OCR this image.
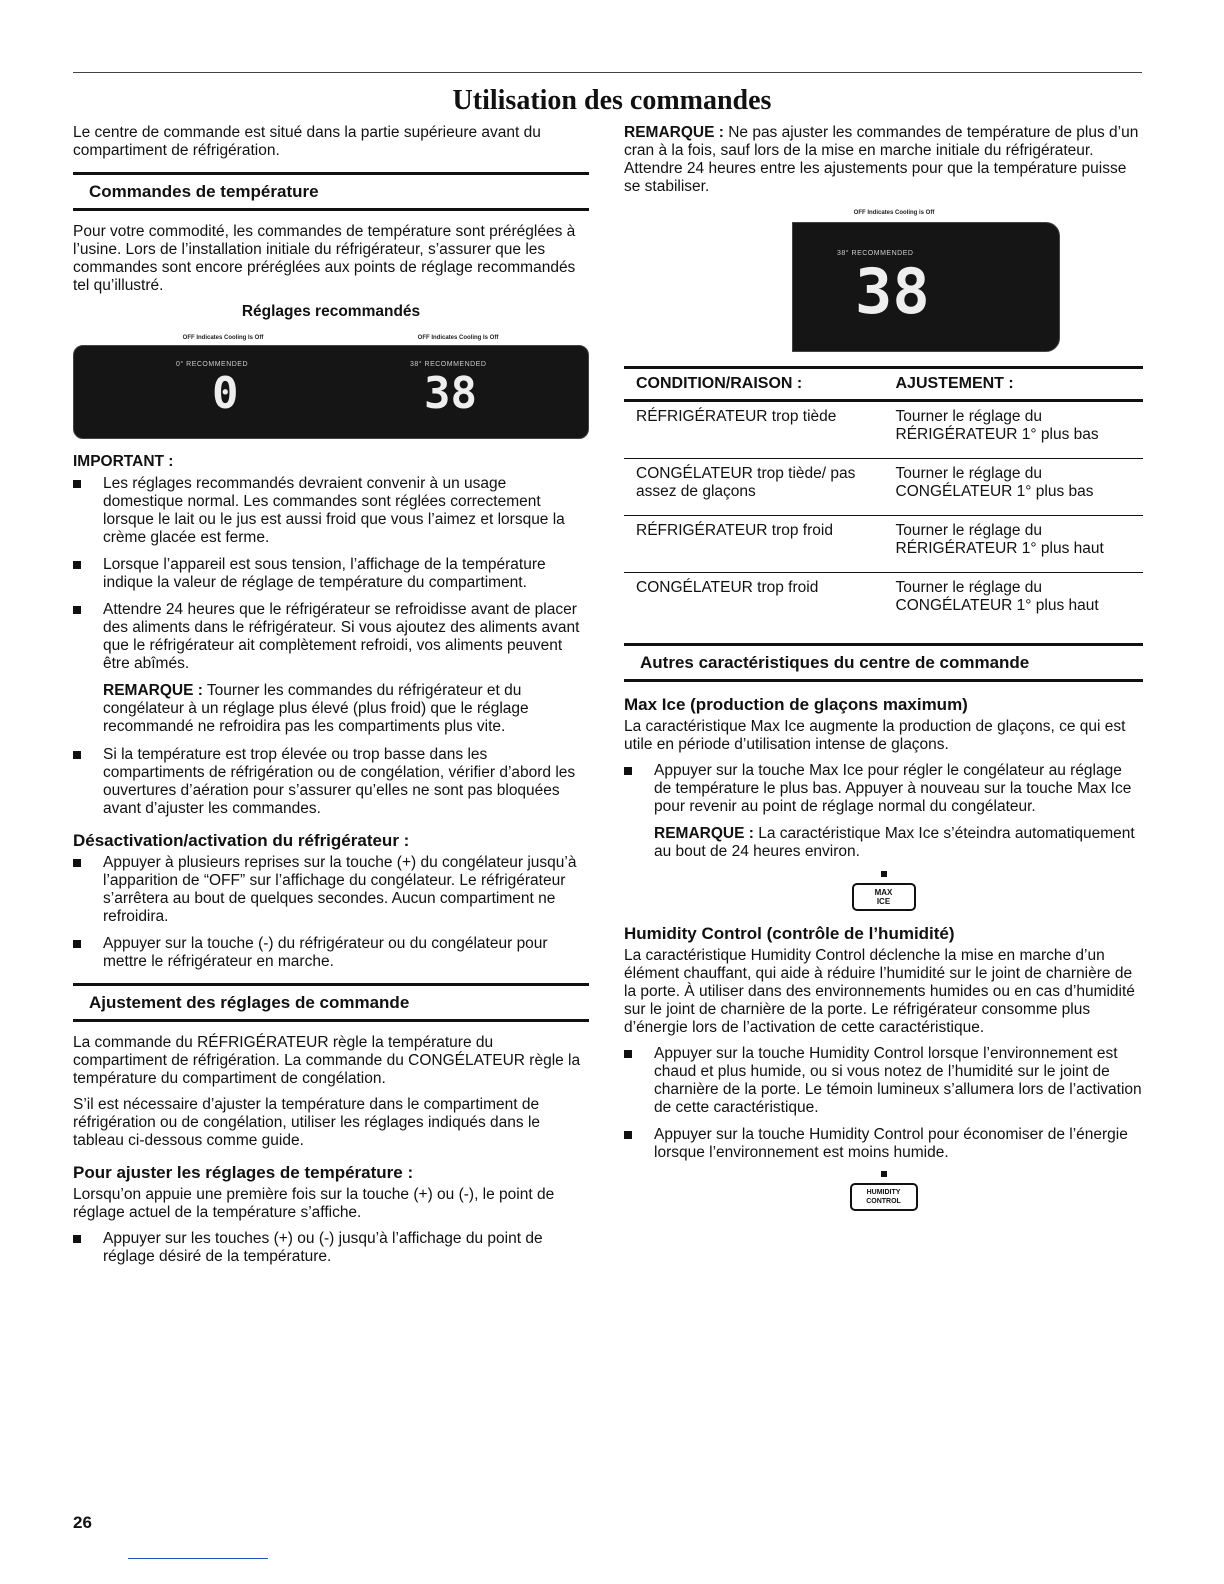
Utilisation des commandes

Le centre de commande est situé dans la partie supérieure avant du compartiment de réfrigération.

Commandes de température

Pour votre commodité, les commandes de température sont préréglées à l’usine. Lors de l’installation initiale du réfrigérateur, s’assurer que les commandes sont encore préréglées aux points de réglage recommandés tel qu’illustré.

Réglages recommandés
OFF Indicates Cooling Is Off	OFF Indicates Cooling Is Off
0° RECOMMENDED	38° RECOMMENDED
0	38
IMPORTANT :
Les réglages recommandés devraient convenir à un usage domestique normal. Les commandes sont réglées correctement lorsque le lait ou le jus est aussi froid que vous l’aimez et lorsque la crème glacée est ferme.
Lorsque l’appareil est sous tension, l’affichage de la température indique la valeur de réglage de température du compartiment.
Attendre 24 heures que le réfrigérateur se refroidisse avant de placer des aliments dans le réfrigérateur. Si vous ajoutez des aliments avant que le réfrigérateur ait complètement refroidi, vos aliments peuvent être abîmés.

REMARQUE : Tourner les commandes du réfrigérateur et du congélateur à un réglage plus élevé (plus froid) que le réglage recommandé ne refroidira pas les compartiments plus vite.

Si la température est trop élevée ou trop basse dans les compartiments de réfrigération ou de congélation, vérifier d’abord les ouvertures d’aération pour s’assurer qu’elles ne sont pas bloquées avant d’ajuster les commandes.
Désactivation/activation du réfrigérateur :
Appuyer à plusieurs reprises sur la touche (+) du congélateur jusqu’à l’apparition de “OFF” sur l’affichage du congélateur. Le réfrigérateur s’arrêtera au bout de quelques secondes. Aucun compartiment ne refroidira.
Appuyer sur la touche (-) du réfrigérateur ou du congélateur pour mettre le réfrigérateur en marche.
Ajustement des réglages de commande

La commande du RÉFRIGÉRATEUR règle la température du compartiment de réfrigération. La commande du CONGÉLATEUR règle la température du compartiment de congélation.

S’il est nécessaire d’ajuster la température dans le compartiment de réfrigération ou de congélation, utiliser les réglages indiqués dans le tableau ci-dessous comme guide.

Pour ajuster les réglages de température :

Lorsqu’on appuie une première fois sur la touche (+) ou (-), le point de réglage actuel de la température s’affiche.

Appuyer sur les touches (+) ou (-) jusqu’à l’affichage du point de réglage désiré de la température.

REMARQUE : Ne pas ajuster les commandes de température de plus d’un cran à la fois, sauf lors de la mise en marche initiale du réfrigérateur. Attendre 24 heures entre les ajustements pour que la température puisse se stabiliser.

OFF Indicates Cooling is Off
38° RECOMMENDED
38
CONDITION/RAISON :	AJUSTEMENT :
RÉFRIGÉRATEUR trop tiède	Tourner le réglage du RÉRIGÉRATEUR 1° plus bas
CONGÉLATEUR trop tiède/ pas assez de glaçons	Tourner le réglage du CONGÉLATEUR 1° plus bas
RÉFRIGÉRATEUR trop froid	Tourner le réglage du RÉRIGÉRATEUR 1° plus haut
CONGÉLATEUR trop froid	Tourner le réglage du CONGÉLATEUR 1° plus haut
Autres caractéristiques du centre de commande
Max Ice (production de glaçons maximum)

La caractéristique Max Ice augmente la production de glaçons, ce qui est utile en période d’utilisation intense de glaçons.

Appuyer sur la touche Max Ice pour régler le congélateur au réglage de température le plus bas. Appuyer à nouveau sur la touche Max Ice pour revenir au point de réglage normal du congélateur.

REMARQUE : La caractéristique Max Ice s’éteindra automatiquement au bout de 24 heures environ.

MAX
ICE
Humidity Control (contrôle de l’humidité)

La caractéristique Humidity Control déclenche la mise en marche d’un élément chauffant, qui aide à réduire l’humidité sur le joint de charnière de la porte. À utiliser dans des environnements humides ou en cas d’humidité sur le joint de charnière de la porte. Le réfrigérateur consomme plus d’énergie lors de l’activation de cette caractéristique.

Appuyer sur la touche Humidity Control lorsque l’environnement est chaud et plus humide, ou si vous notez de l’humidité sur le joint de charnière de la porte. Le témoin lumineux s’allumera lors de l’activation de cette caractéristique.
Appuyer sur la touche Humidity Control pour économiser de l’énergie lorsque l’environnement est moins humide.
HUMIDITY
CONTROL
26
